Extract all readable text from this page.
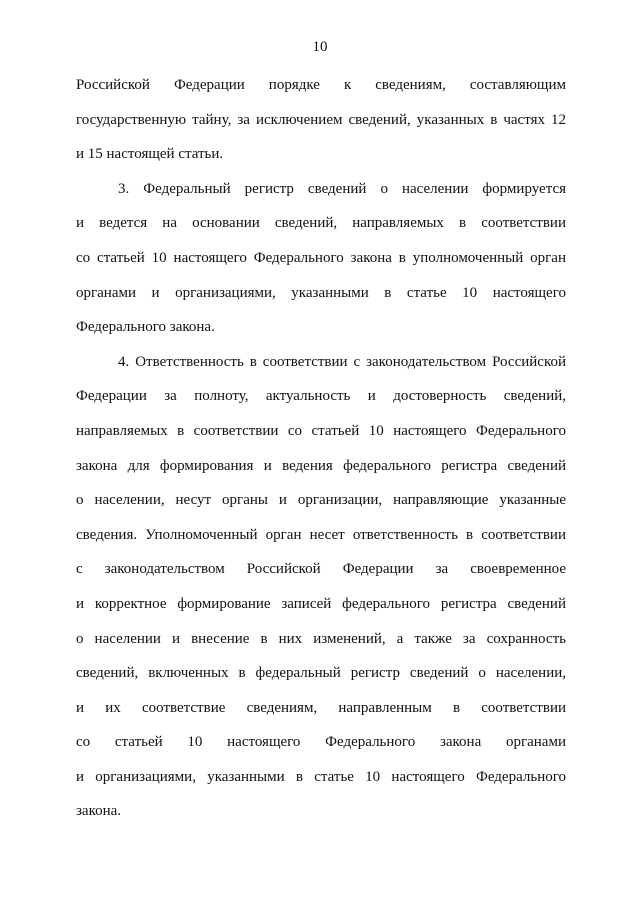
10

Российской Федерации порядке к сведениям, составляющим
государственную тайну, за исключением сведений, указанных в частях 12
и 15 настоящей статьи.

3. Федеральный регистр сведений о населении формируется
и ведется на основании сведений, направляемых в соответствии
со статьей 10 настоящего Федерального закона в уполномоченный орган
органами и организациями, указанными в статье 10 настоящего
Федерального закона.

4. Ответственность в соответствии с законодательством Российской
Федерации за полноту, актуальность и достоверность сведений,
направляемых в соответствии со статьей 10 настоящего Федерального
закона для формирования и ведения федерального регистра сведений
о населении, несут органы и организации, направляющие указанные
сведения. Уполномоченный орган несет ответственность в соответствии
с законодательством Российской Федерации за своевременное
и корректное формирование записей федерального регистра сведений
о населении и внесение в них изменений, а также за сохранность
сведений, включенных в федеральный регистр сведений о населении,
и их соответствие сведениям, направленным в соответствии
со статьей 10 настоящего Федерального закона органами
и организациями, указанными в статье 10 настоящего Федерального
закона.
